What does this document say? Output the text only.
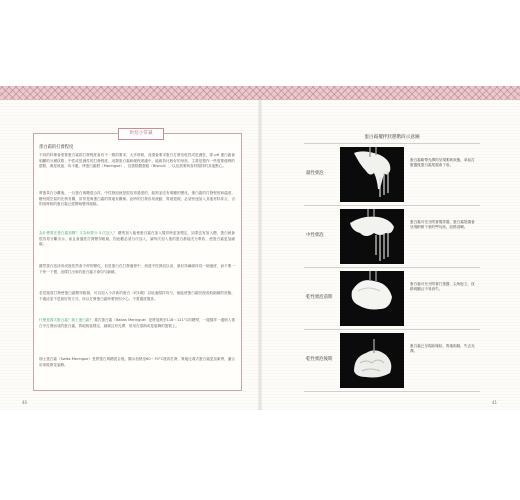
烘焙小常識
蛋白霜的打發程度
不同的料理會需要蛋白霜的打發程度會有不一樣的要求，大多時候，食譜會要求蛋白打發至乾性或是濕性，即 pH 蛋白霜會明顯的分層紋路；中性或是濕性的打發程度，這類蛋白霜軟硬程度適中，能維持比較好的形狀，主要是製作一些需要便利的甜點，像是戚風、馬卡龍、烤蛋白霜餅（Meringue），及蛋糕體蛋糕（Biscuit），以及需要與食材攪拌的其他點心。
將蛋黃白分離後，一旦蛋白與糖混合拌，中性發泡就是很容易過度的，能夠並沒有明顯的變化。蛋白霜的打發程度和溫度、糖份跟空氣的比例有關，常常是與蛋白霜的質地有關係。此時的打發容易流動，質地很硬，必須快速加入其他材料拌合，否則這時候的蛋白霜已經開始變得粗糙。
為什麼要在蛋白霜加糖？又為何要分 3 次加入？ 糖的加入能使蛋白霜在加入攪拌時更加穩定，如果沒有加入糖，蛋白就會很容易分離出水，而且會過度打發變得粗糙，因此糖必須分次加入，讓每次加入後的蛋白都能充分吸收，使蛋白霜更加細緻。
雖然蛋白泡沫形成後依然會不停的變化，但是蛋白在打發過程中，到達中性發泡以前，最好持續維持同一個速度，而不要一下快一下慢，這樣打出來的蛋白霜才會均勻細緻。
若是過度打發使蛋白霜變得粗糙，可以加入少許新的蛋白（約1顆）以低速攪拌均勻，就能使蛋白霜回復成較細緻的狀態，不過這並不是最好的方式，所以打發蛋白霜時要特別小心，不要過度攪拌。
什麼是義式蛋白霜？瑞士蛋白霜？ 義式蛋白霜（Italian Meringue）是將加熱至118～121°C的糖漿，一邊攪拌一邊倒入蛋白中打發而成的蛋白霜，質地相當穩定、細緻且有光澤，常用在慕斯或是裝飾的蛋糕上。
瑞士蛋白霜（Swiss Meringue）是將蛋白與糖混合後，隔水加熱至60～70°C後再打發，質地比義式蛋白霜更加紮實，適合用來做擠花裝飾。
40
蛋白霜攪拌狀態階段示意圖
濕性發泡
蛋白霜略帶光澤的呈現柔軟狀態，拿起打蛋器後蛋白霜尾端會下垂。
中性發泡
蛋白霜可充分附著攪拌器，蛋白霜尾端會呈現稍微下垂的彎勾狀，紋路清晰。
乾性發泡前期
蛋白霜可充分附著打蛋器，尖角挺立，紋路明顯且不易消失。
乾性發泡後期
蛋白霜已呈現結塊狀，質地粗糙，失去光澤。
41
